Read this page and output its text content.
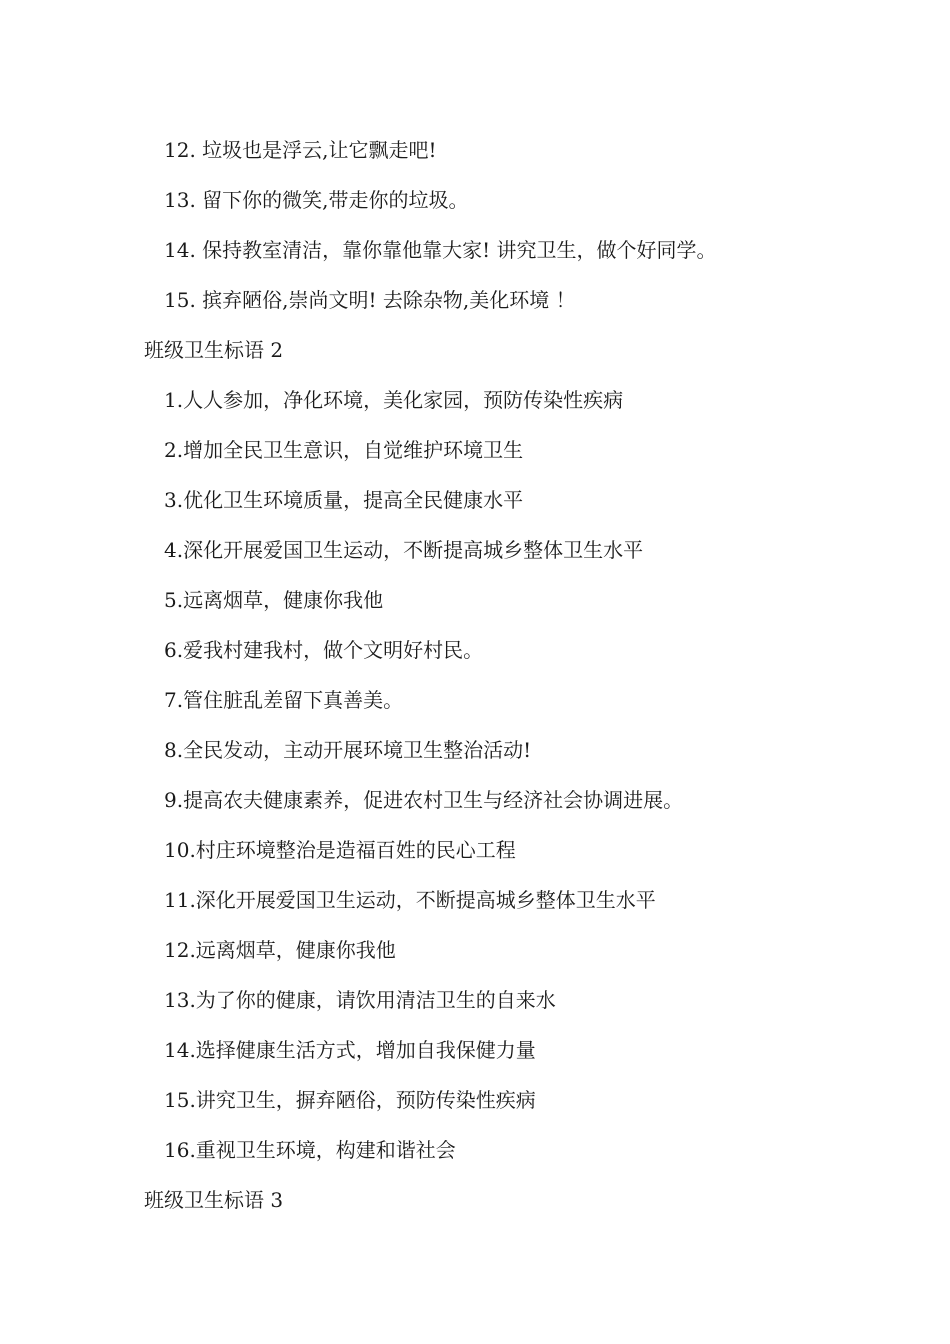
12. 垃圾也是浮云,让它飘走吧!
13. 留下你的微笑,带走你的垃圾。
14. 保持教室清洁，靠你靠他靠大家! 讲究卫生，做个好同学。
15. 摈弃陋俗,崇尚文明! 去除杂物,美化环境 ！
班级卫生标语 2
1.人人参加，净化环境，美化家园，预防传染性疾病
2.增加全民卫生意识，自觉维护环境卫生
3.优化卫生环境质量，提高全民健康水平
4.深化开展爱国卫生运动，不断提高城乡整体卫生水平
5.远离烟草，健康你我他
6.爱我村建我村，做个文明好村民。
7.管住脏乱差留下真善美。
8.全民发动，主动开展环境卫生整治活动!
9.提高农夫健康素养，促进农村卫生与经济社会协调进展。
10.村庄环境整治是造福百姓的民心工程
11.深化开展爱国卫生运动，不断提高城乡整体卫生水平
12.远离烟草，健康你我他
13.为了你的健康，请饮用清洁卫生的自来水
14.选择健康生活方式，增加自我保健力量
15.讲究卫生，摒弃陋俗，预防传染性疾病
16.重视卫生环境，构建和谐社会
班级卫生标语 3
